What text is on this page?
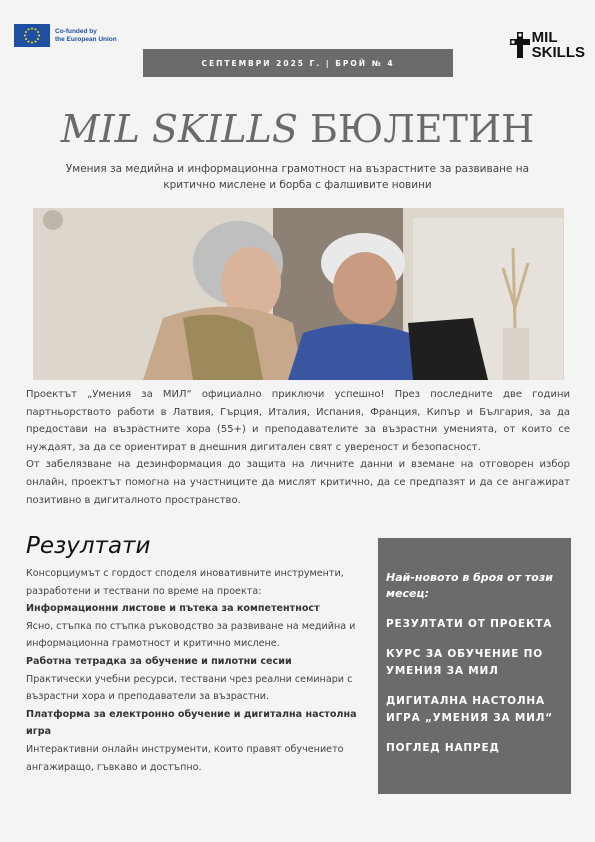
Co-funded by
the European Union	MIL
SKILLS
СЕПТЕМВРИ 2025 Г. | БРОЙ № 4
MIL SKILLS БЮЛЕТИН

Умения за медийна и информационна грамотност на възрастните за развиване на критично мислене и борба с фалшивите новини

Проектът „Умения за МИЛ“ официално приключи успешно! През последните две години партньорството работи в Латвия, Гърция, Италия, Испания, Франция, Кипър и България, за да предостави на възрастните хора (55+) и преподавателите за възрастни уменията, от които се нуждаят, за да се ориентират в днешния дигитален свят с увереност и безопасност.

От забелязване на дезинформация до защита на личните данни и вземане на отговорен избор онлайн, проектът помогна на участниците да мислят критично, да се предпазят и да се ангажират позитивно в дигиталното пространство.

Резултати

Консорциумът с гордост споделя иновативните инструменти, разработени и тествани по време на проекта:

Информационни листове и пътека за компетентност

Ясно, стъпка по стъпка ръководство за развиване на медийна и информационна грамотност и критично мислене.

Работна тетрадка за обучение и пилотни сесии

Практически учебни ресурси, тествани чрез реални семинари с възрастни хора и преподаватели за възрастни.

Платформа за електронно обучение и дигитална настолна игра

Интерактивни онлайн инструменти, които правят обучението ангажиращо, гъвкаво и достъпно.

Най-новото в броя от този месец:

РЕЗУЛТАТИ ОТ ПРОЕКТА

КУРС ЗА ОБУЧЕНИЕ ПО УМЕНИЯ ЗА МИЛ

ДИГИТАЛНА НАСТОЛНА ИГРА „УМЕНИЯ ЗА МИЛ“

ПОГЛЕД НАПРЕД
